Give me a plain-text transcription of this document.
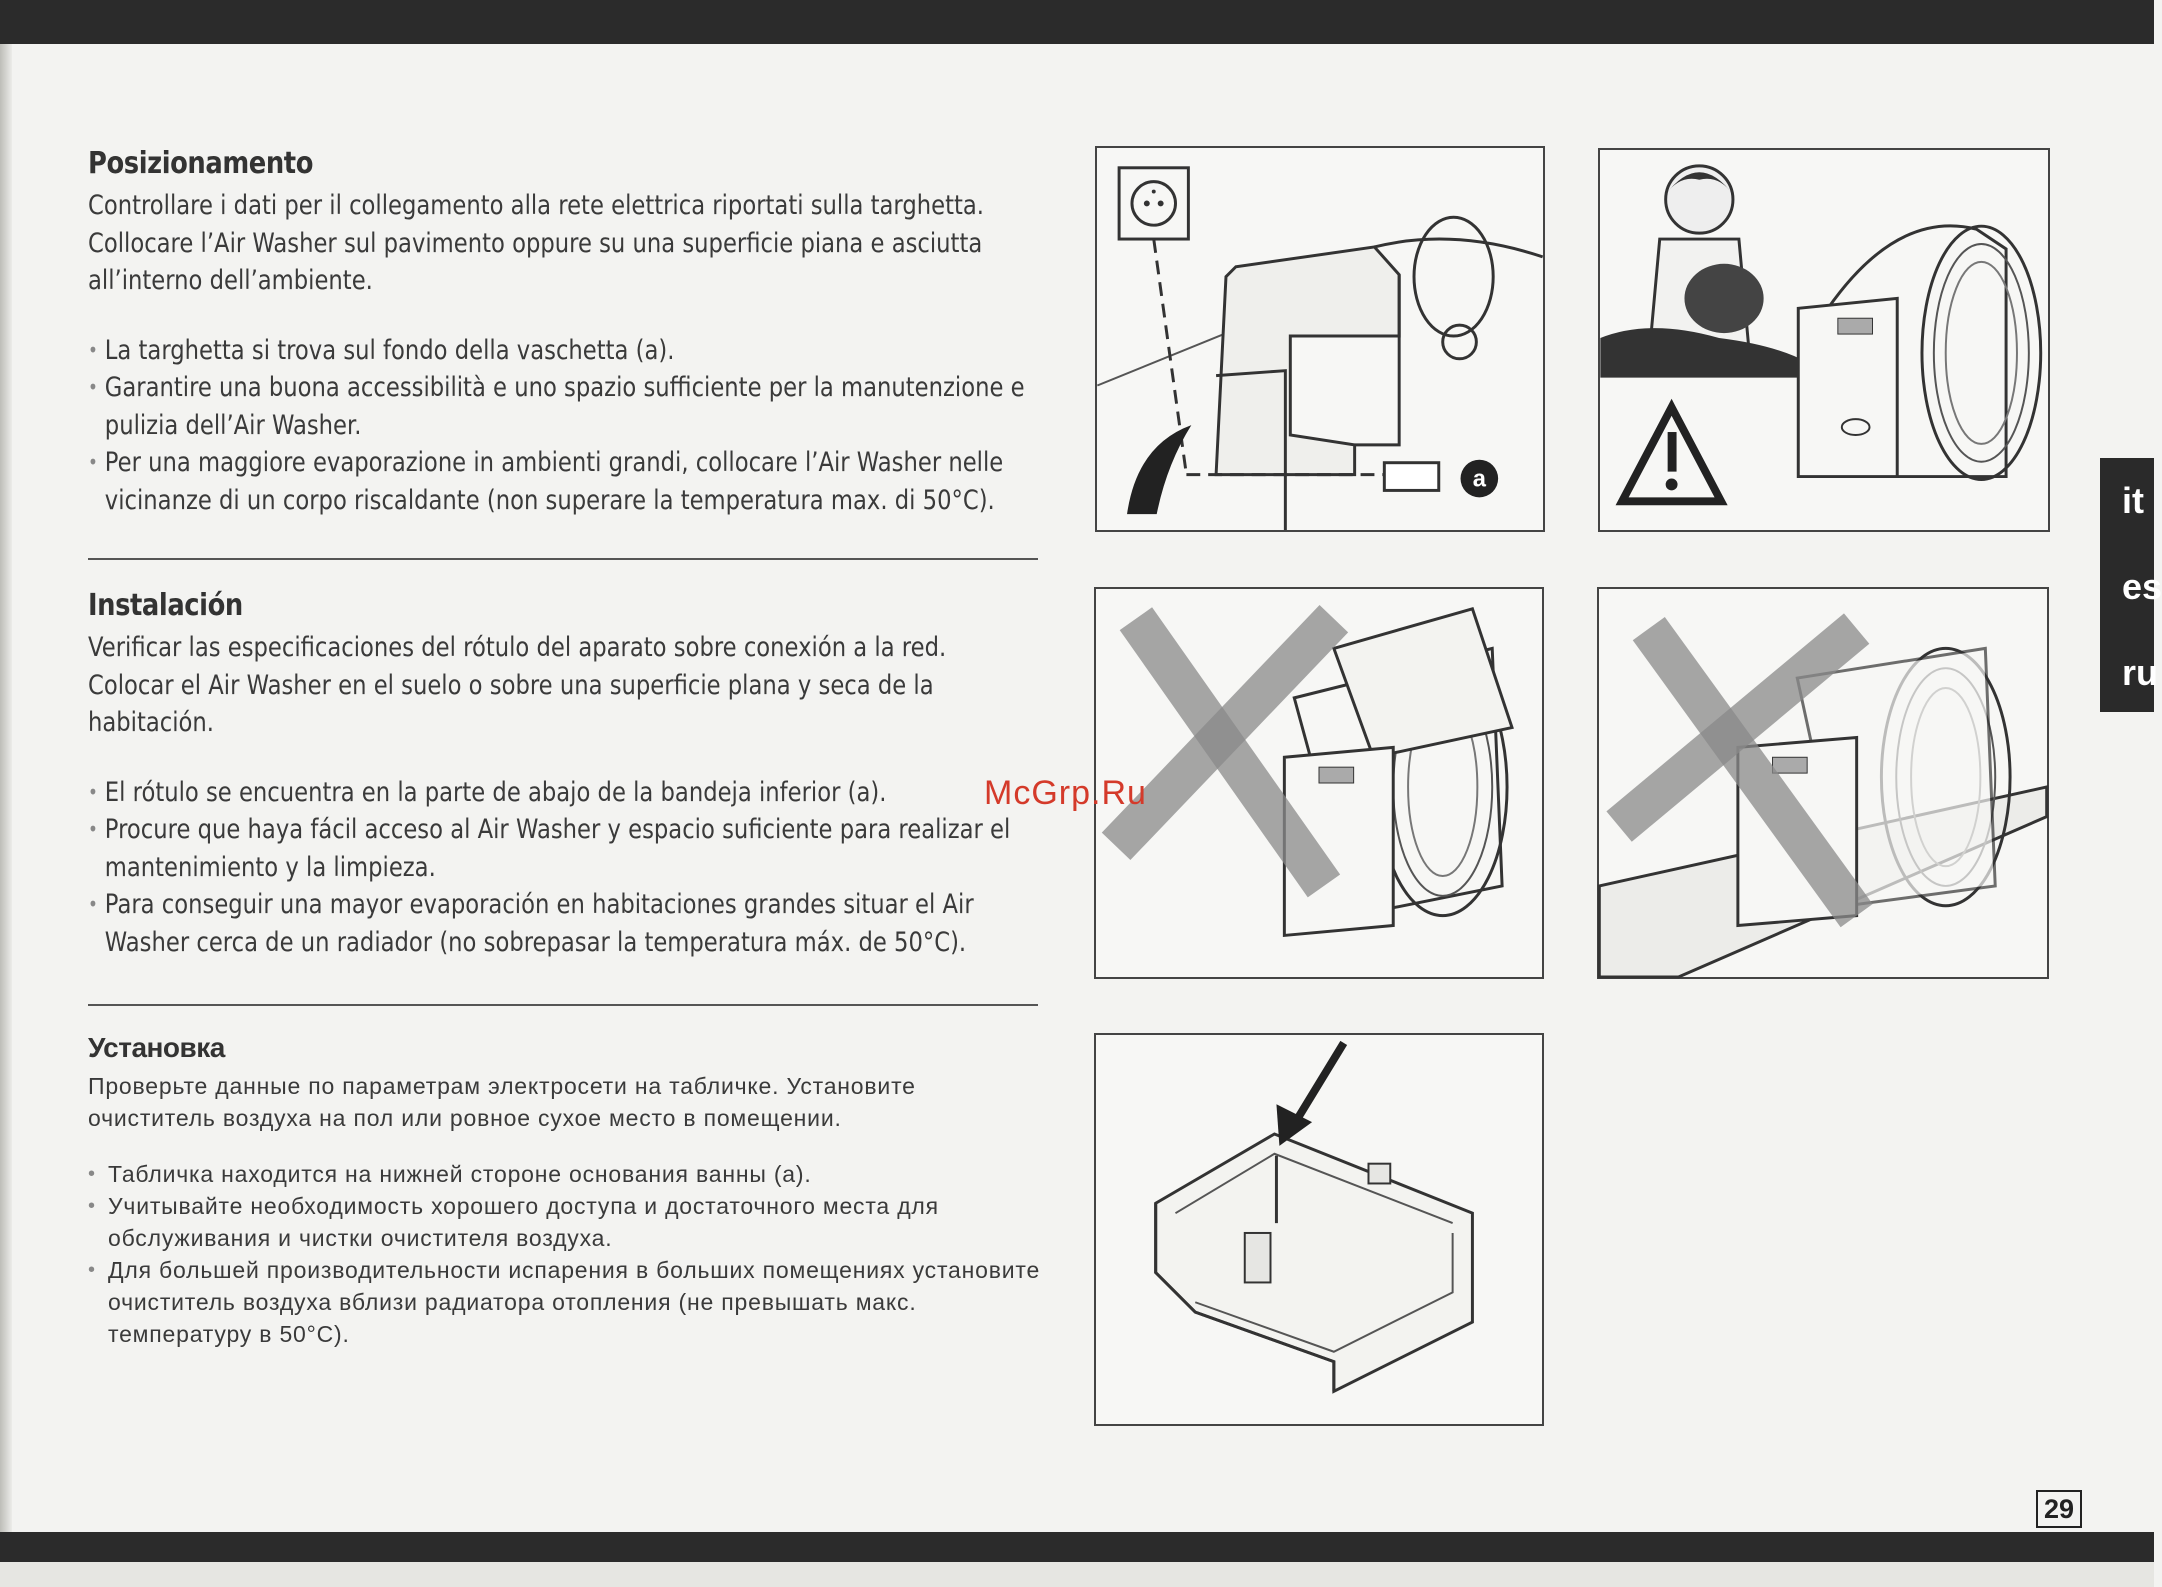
Posizionamento

Controllare i dati per il collegamento alla rete elettrica riportati sulla targhetta. Collocare l’Air Washer sul pavimento oppure su una superficie piana e asciutta all’interno dell’ambiente.

• La targhetta si trova sul fondo della vaschetta (a).
• Garantire una buona accessibilità e uno spazio sufficiente per la manutenzione e pulizia dell’Air Washer.
• Per una maggiore evaporazione in ambienti grandi, collocare l’Air Washer nelle vicinanze di un corpo riscaldante (non superare la temperatura max. di 50°C).
Instalación

Verificar las especificaciones del rótulo del aparato sobre conexión a la red. Colocar el Air Washer en el suelo o sobre una superficie plana y seca de la habitación.

• El rótulo se encuentra en la parte de abajo de la bandeja inferior (a).
• Procure que haya fácil acceso al Air Washer y espacio suficiente para realizar el mantenimiento y la limpieza.
• Para conseguir una mayor evaporación en habitaciones grandes situar el Air Washer cerca de un radiador (no sobrepasar la temperatura máx. de 50°C).
Установка

Проверьте данные по параметрам электросети на табличке. Установите очиститель воздуха на пол или ровное сухое место в помещении.

• Табличка находится на нижней стороне основания ванны (a).
• Учитывайте необходимость хорошего доступа и достаточного места для обслуживания и чистки очистителя воздуха.
• Для большей производительности испарения в больших помещениях установите очиститель воздуха вблизи радиатора отопления (не превышать макс. температуру в 50°C).
a
it
es
ru
McGrp.Ru
29
